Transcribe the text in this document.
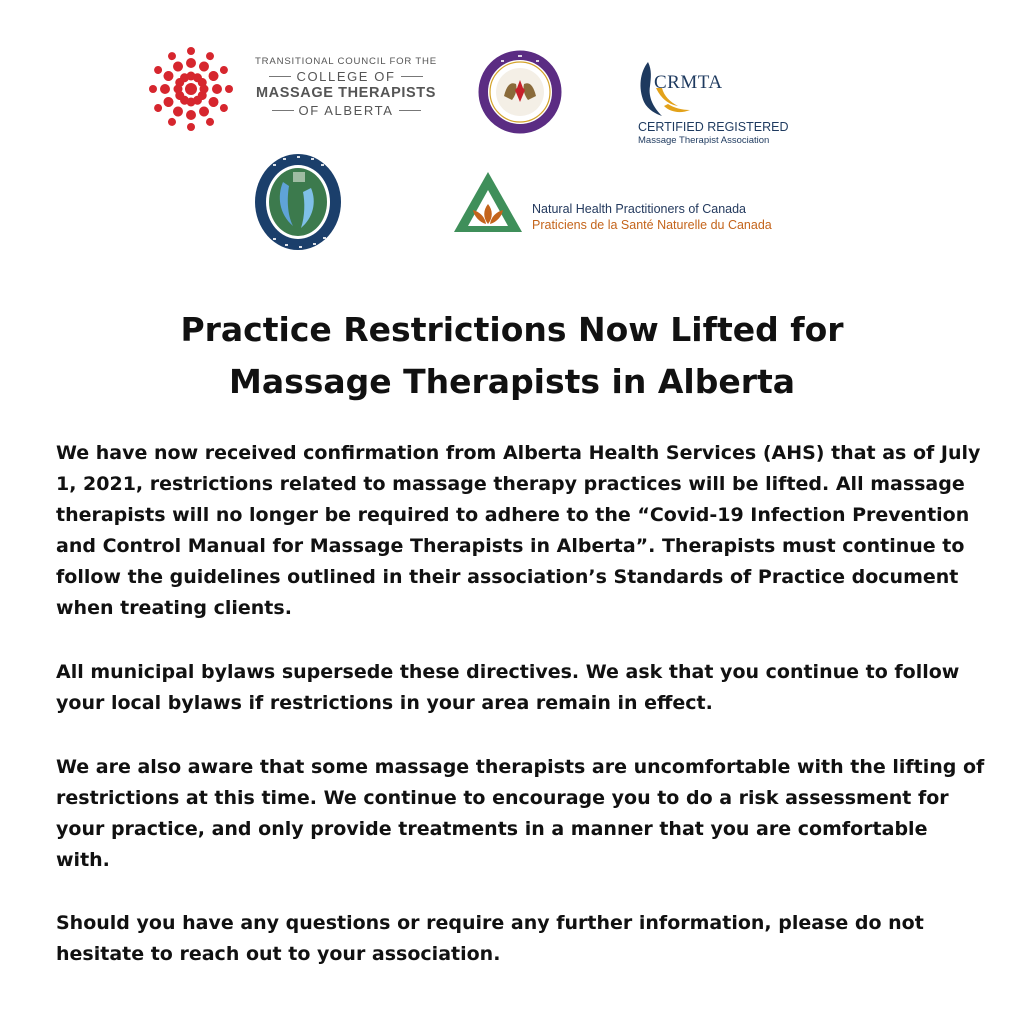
TRANSITIONAL COUNCIL FOR THE
COLLEGE OF
MASSAGE THERAPISTS
OF ALBERTA
CRMTA
CERTIFIED REGISTERED
Massage Therapist Association
Natural Health Practitioners of Canada
Praticiens de la Santé Naturelle du Canada
Practice Restrictions Now Lifted for
Massage Therapists in Alberta

We have now received confirmation from Alberta Health Services (AHS) that as of July 1, 2021, restrictions related to massage therapy practices will be lifted. All massage therapists will no longer be required to adhere to the “Covid-19 Infection Prevention and Control Manual for Massage Therapists in Alberta”. Therapists must continue to follow the guidelines outlined in their association’s Standards of Practice document when treating clients.

All municipal bylaws supersede these directives. We ask that you continue to follow your local bylaws if restrictions in your area remain in effect.

We are also aware that some massage therapists are uncomfortable with the lifting of restrictions at this time. We continue to encourage you to do a risk assessment for your practice, and only provide treatments in a manner that you are comfortable with.

Should you have any questions or require any further information, please do not hesitate to reach out to your association.
